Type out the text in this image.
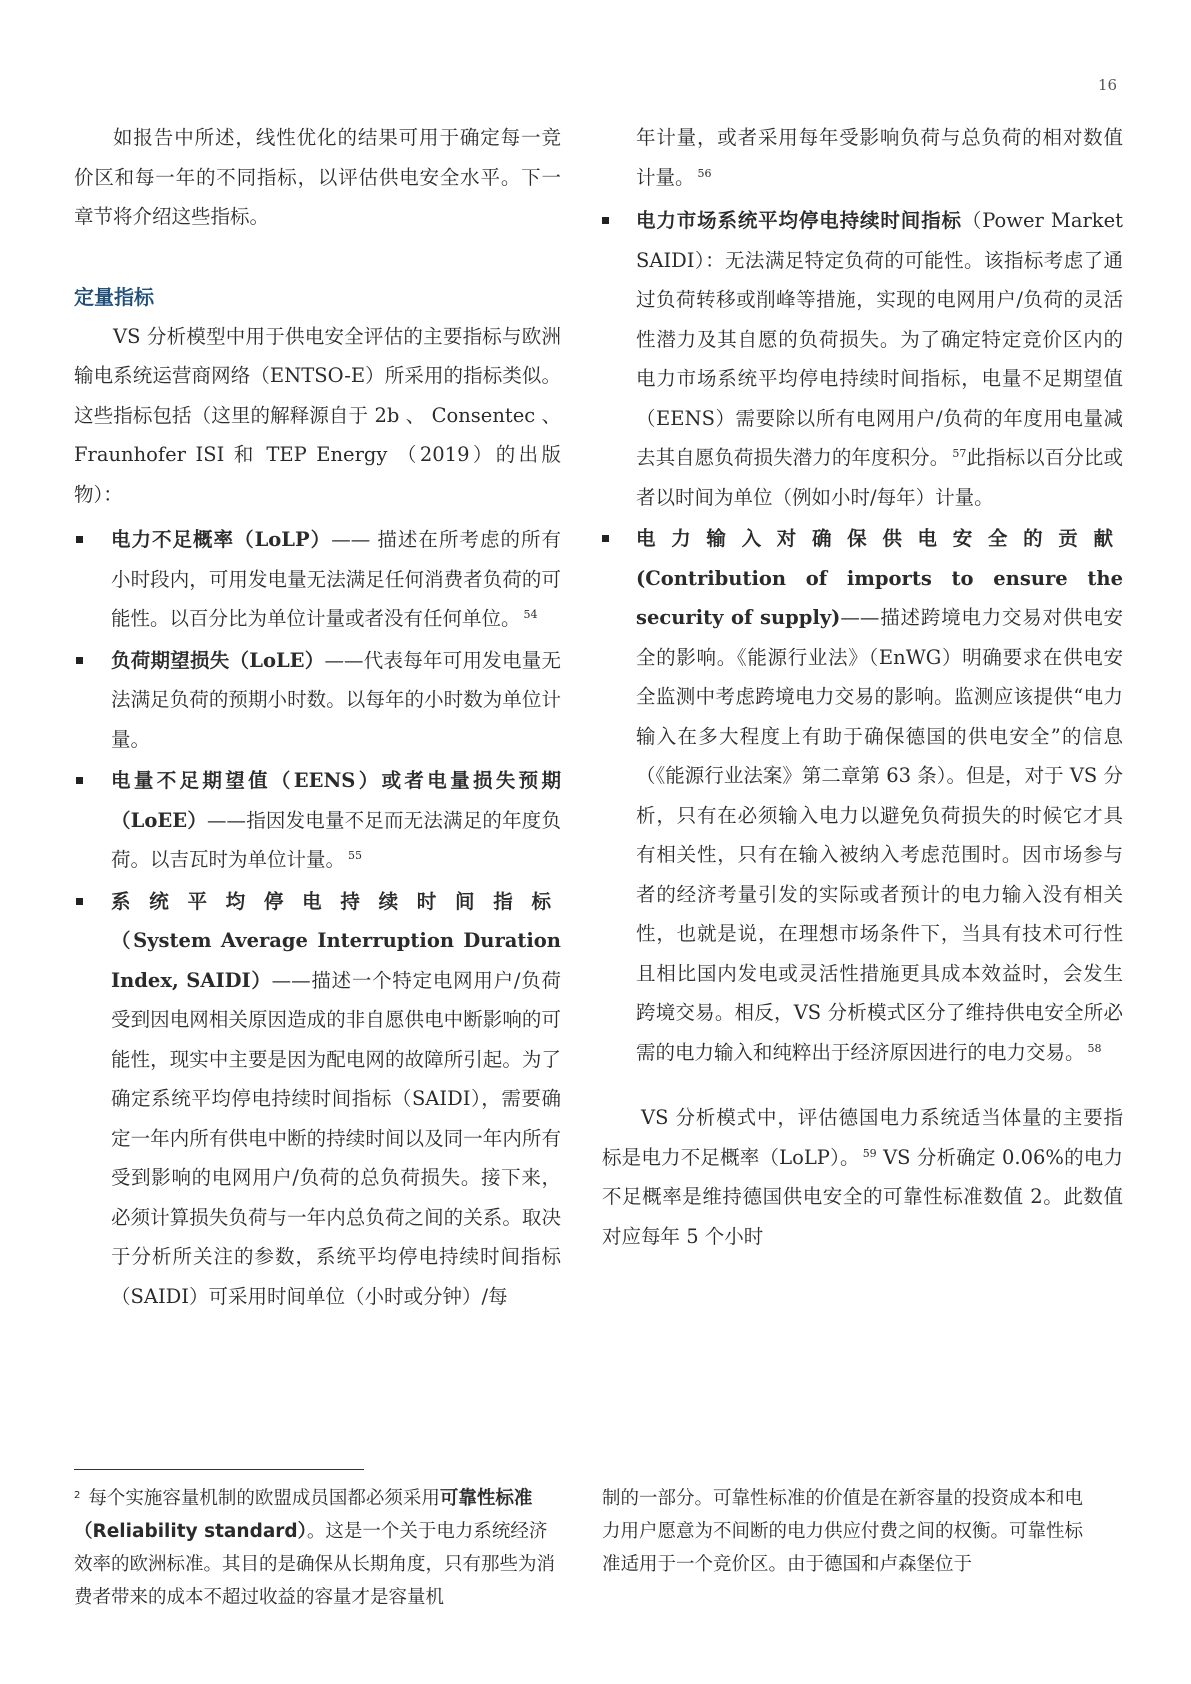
16

如报告中所述，线性优化的结果可用于确定每一竞价区和每一年的不同指标，以评估供电安全水平。下一章节将介绍这些指标。

定量指标

VS 分析模型中用于供电安全评估的主要指标与欧洲输电系统运营商网络（ENTSO-E）所采用的指标类似。这些指标包括（这里的解释源自于 2b 、 Consentec 、 Fraunhofer ISI 和 TEP Energy （2019）的出版物）：

电力不足概率（LoLP）—— 描述在所考虑的所有小时段内，可用发电量无法满足任何消费者负荷的可能性。以百分比为单位计量或者没有任何单位。 $^{54}$
负荷期望损失（LoLE）——代表每年可用发电量无法满足负荷的预期小时数。以每年的小时数为单位计量。
电量不足期望值（EENS）或者电量损失预期（LoEE）——指因发电量不足而无法满足的年度负荷。以吉瓦时为单位计量。 $^{55}$
系统平均停电持续时间指标（System Average Interruption Duration Index, SAIDI）——描述一个特定电网用户/负荷受到因电网相关原因造成的非自愿供电中断影响的可能性，现实中主要是因为配电网的故障所引起。为了确定系统平均停电持续时间指标（SAIDI），需要确定一年内所有供电中断的持续时间以及同一年内所有受到影响的电网用户/负荷的总负荷损失。接下来，必须计算损失负荷与一年内总负荷之间的关系。取决于分析所关注的参数，系统平均停电持续时间指标（SAIDI）可采用时间单位（小时或分钟）/每

年计量，或者采用每年受影响负荷与总负荷的相对数值计量。 $^{56}$

电力市场系统平均停电持续时间指标（Power Market SAIDI）：无法满足特定负荷的可能性。该指标考虑了通过负荷转移或削峰等措施，实现的电网用户/负荷的灵活性潜力及其自愿的负荷损失。为了确定特定竞价区内的电力市场系统平均停电持续时间指标，电量不足期望值（EENS）需要除以所有电网用户/负荷的年度用电量减去其自愿负荷损失潜力的年度积分。 $^{57}$此指标以百分比或者以时间为单位（例如小时/每年）计量。
电力输入对确保供电安全的贡献(Contribution of imports to ensure the security of supply)——描述跨境电力交易对供电安全的影响。《能源行业法》（EnWG）明确要求在供电安全监测中考虑跨境电力交易的影响。监测应该提供“电力输入在多大程度上有助于确保德国的供电安全”的信息（《能源行业法案》第二章第 63 条）。但是，对于 VS 分析，只有在必须输入电力以避免负荷损失的时候它才具有相关性，只有在输入被纳入考虑范围时。因市场参与者的经济考量引发的实际或者预计的电力输入没有相关性，也就是说，在理想市场条件下，当具有技术可行性且相比国内发电或灵活性措施更具成本效益时，会发生跨境交易。相反，VS 分析模式区分了维持供电安全所必需的电力输入和纯粹出于经济原因进行的电力交易。 $^{58}$

VS 分析模式中，评估德国电力系统适当体量的主要指标是电力不足概率（LoLP）。 $^{59}$ VS 分析确定 0.06%的电力不足概率是维持德国供电安全的可靠性标准数值 2。此数值对应每年 5 个小时

$^2$ 每个实施容量机制的欧盟成员国都必须采用可靠性标准（Reliability standard）。这是一个关于电力系统经济效率的欧洲标准。其目的是确保从长期角度，只有那些为消费者带来的成本不超过收益的容量才是容量机
制的一部分。可靠性标准的价值是在新容量的投资成本和电力用户愿意为不间断的电力供应付费之间的权衡。可靠性标准适用于一个竞价区。由于德国和卢森堡位于
